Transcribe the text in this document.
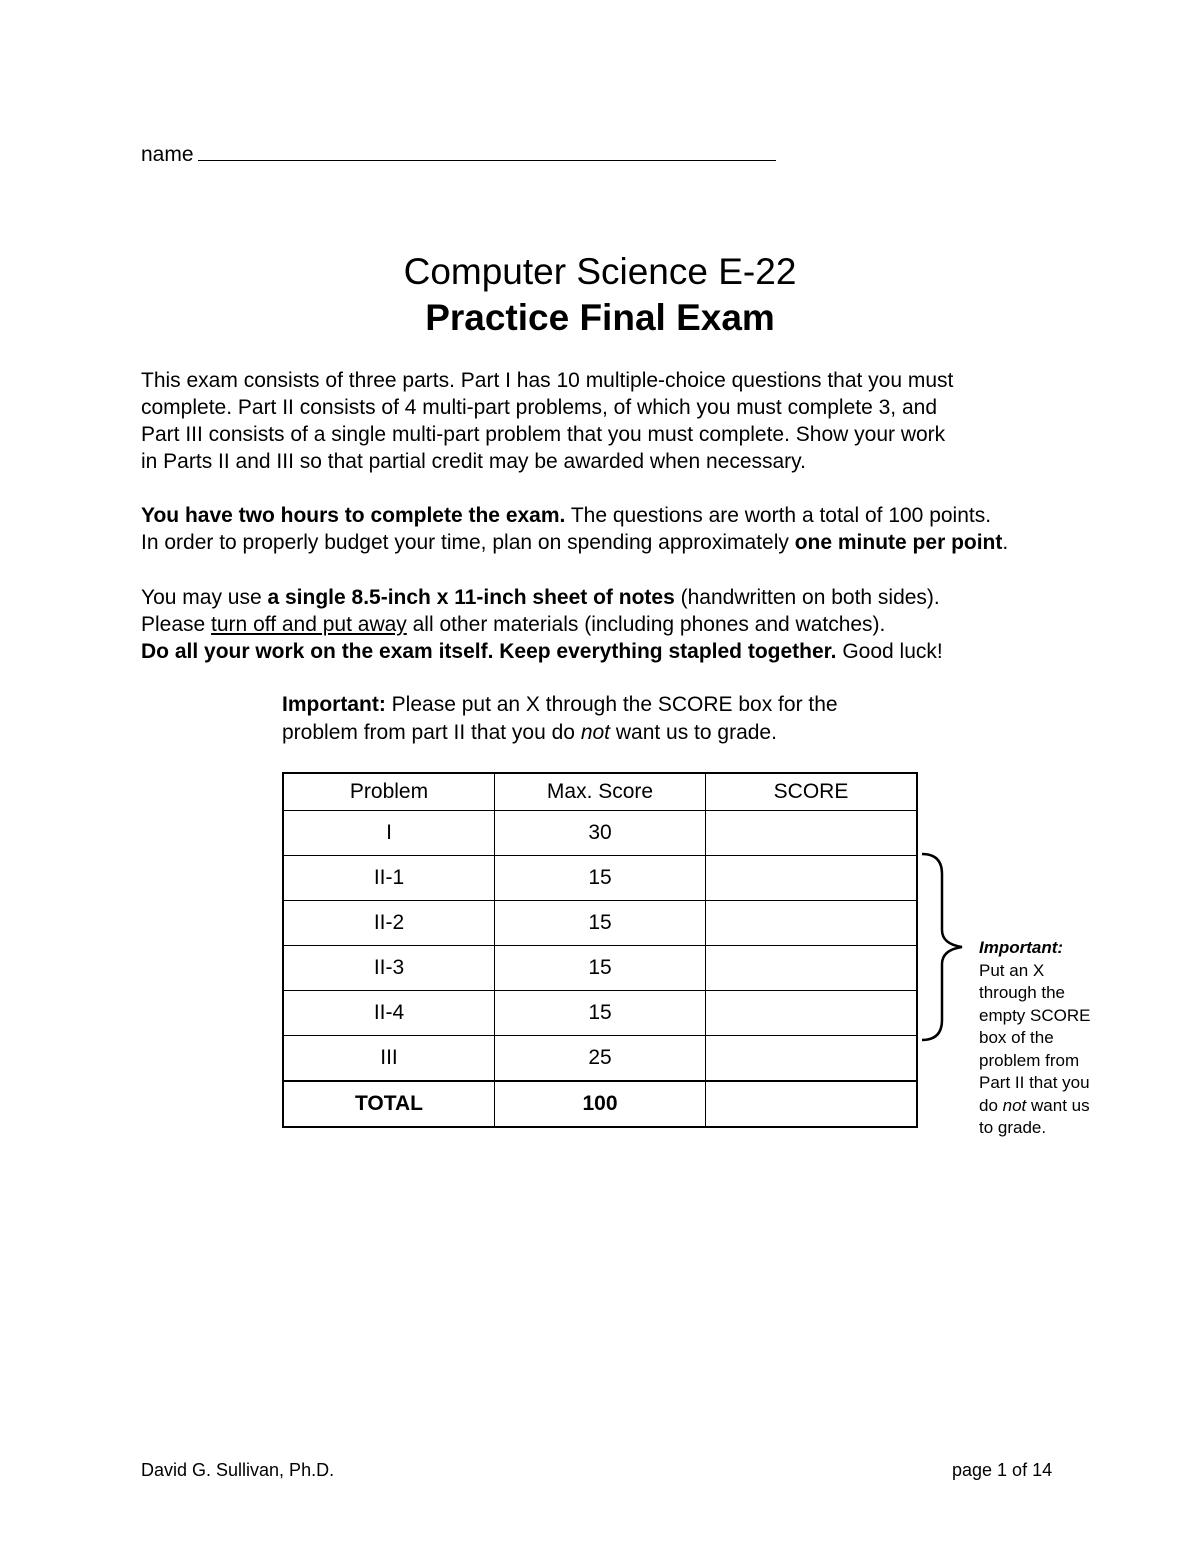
name
Computer Science E-22
Practice Final Exam
This exam consists of three parts. Part I has 10 multiple-choice questions that you must
complete. Part II consists of 4 multi-part problems, of which you must complete 3, and
Part III consists of a single multi-part problem that you must complete. Show your work
in Parts II and III so that partial credit may be awarded when necessary.
You have two hours to complete the exam. The questions are worth a total of 100 points.
In order to properly budget your time, plan on spending approximately one minute per point.
You may use a single 8.5-inch x 11-inch sheet of notes (handwritten on both sides).
Please turn off and put away all other materials (including phones and watches).
Do all your work on the exam itself. Keep everything stapled together. Good luck!
Important: Please put an X through the SCORE box for the
problem from part II that you do not want us to grade.
Problem	Max. Score	SCORE
I	30	
II-1	15	
II-2	15	
II-3	15	
II-4	15	
III	25	
TOTAL	100	
Important:
Put an X
through the
empty SCORE
box of the
problem from
Part II that you
do not want us
to grade.
David G. Sullivan, Ph.D.	page 1 of 14
